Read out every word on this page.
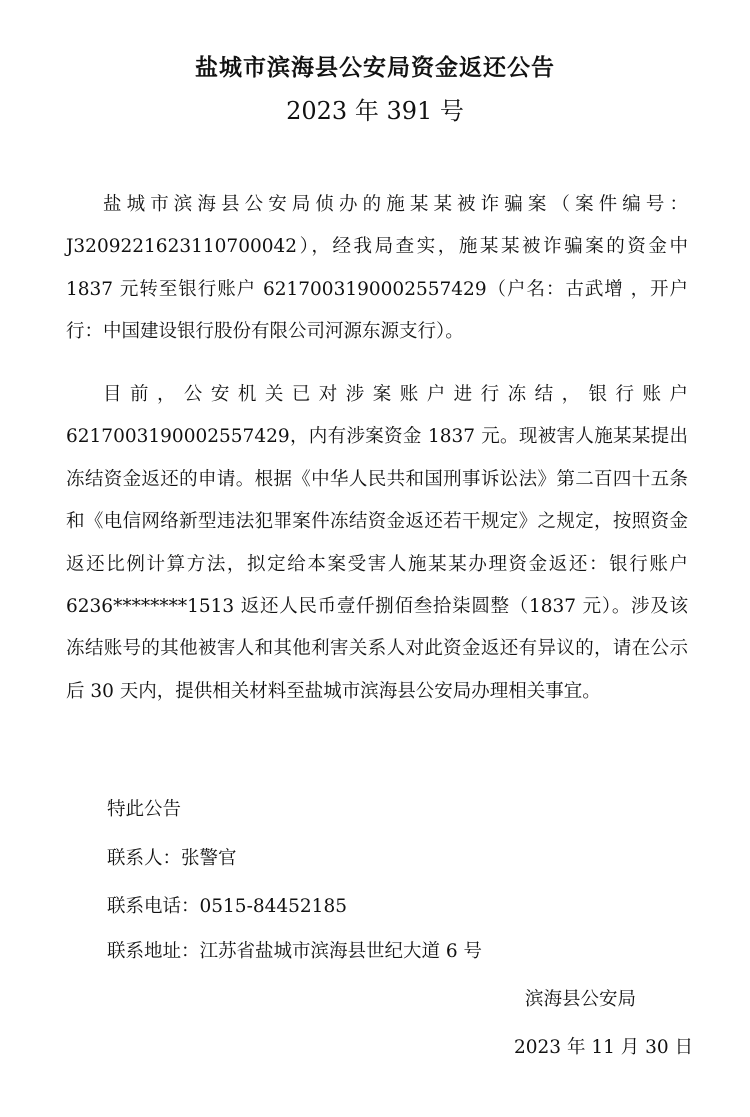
盐城市滨海县公安局资金返还公告
2023 年 391 号

盐城市滨海县公安局侦办的施某某被诈骗案（案件编号：J3209221623110700042），经我局查实，施某某被诈骗案的资金中 1837 元转至银行账户 6217003190002557429（户名：古武增 ，开户行：中国建设银行股份有限公司河源东源支行）。

目前，公安机关已对涉案账户进行冻结，银行账户 6217003190002557429，内有涉案资金 1837 元。现被害人施某某提出冻结资金返还的申请。根据《中华人民共和国刑事诉讼法》第二百四十五条和《电信网络新型违法犯罪案件冻结资金返还若干规定》之规定，按照资金返还比例计算方法，拟定给本案受害人施某某办理资金返还：银行账户 6236********1513 返还人民币壹仟捌佰叁拾柒圆整（1837 元）。涉及该冻结账号的其他被害人和其他利害关系人对此资金返还有异议的，请在公示后 30 天内，提供相关材料至盐城市滨海县公安局办理相关事宜。

特此公告

联系人：张警官

联系电话：0515-84452185

联系地址：江苏省盐城市滨海县世纪大道 6 号

滨海县公安局

2023 年 11 月 30 日
